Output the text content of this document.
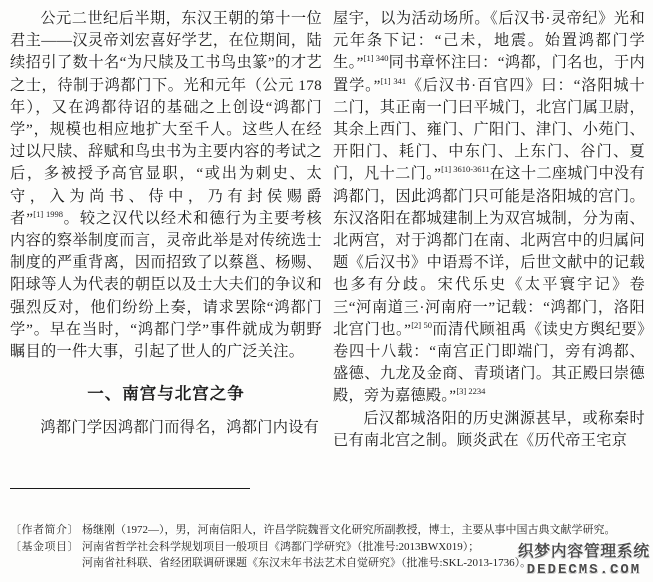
公元二世纪后半期，东汉王朝的第十一位君主——汉灵帝刘宏喜好学艺，在位期间，陆续招引了数十名“为尺牍及工书鸟虫篆”的才艺之士，待制于鸿都门下。光和元年（公元 178 年），又在鸿都待诏的基础之上创设“鸿都门学”，规模也相应地扩大至千人。这些人在经过以尺牍、辞赋和鸟虫书为主要内容的考试之后，多被授予高官显职，“或出为刺史、太守，入为尚书、侍中，乃有封侯赐爵者”$^{[1] 1998}$。较之汉代以经术和德行为主要考核内容的察举制度而言，灵帝此举是对传统选士制度的严重背离，因而招致了以蔡邕、杨赐、阳球等人为代表的朝臣以及士大夫们的争议和强烈反对，他们纷纷上奏，请求罢除“鸿都门学”。早在当时，“鸿都门学”事件就成为朝野瞩目的一件大事，引起了世人的广泛关注。

一、南宫与北宫之争

鸿都门学因鸿都门而得名，鸿都门内设有

屋宇，以为活动场所。《后汉书·灵帝纪》光和元年条下记：“己未，地震。始置鸿都门学生。”$^{[1] 340}$同书章怀注曰：“鸿都，门名也，于内置学。”$^{[1] 341}$《后汉书·百官四》曰：“洛阳城十二门，其正南一门曰平城门，北宫门属卫尉，其余上西门、雍门、广阳门、津门、小苑门、开阳门、耗门、中东门、上东门、谷门、夏门，凡十二门。”$^{[1] 3610-3611}$在这十二座城门中没有鸿都门，因此鸿都门只可能是洛阳城的宫门。东汉洛阳在都城建制上为双宫城制，分为南、北两宫，对于鸿都门在南、北两宫中的归属问题《后汉书》中语焉不详，后世文献中的记载也多有分歧。宋代乐史《太平寰宇记》卷三“河南道三·河南府一”记载：“鸿都门，洛阳北宫门也。”$^{[2] 50}$而清代顾祖禹《读史方舆纪要》卷四十八载：“南宫正门即端门，旁有鸿都、盛德、九龙及金商、青琐诸门。其正殿曰崇德殿，旁为嘉德殿。”$^{[3] 2234}$

后汉都城洛阳的历史渊源甚早，或称秦时已有南北宫之制。顾炎武在《历代帝王宅京

〔作者简介〕 杨继刚（1972—），男，河南信阳人，许昌学院魏晋文化研究所副教授，博士，主要从事中国古典文献学研究。
〔基金项目〕 河南省哲学社会科学规划项目一般项目《鸿都门学研究》（批准号:2013BWX019）；
河南省社科联、省经团联调研课题《东汉末年书法艺术自觉研究》（批准号:SKL-2013-1736）。
织梦内容管理系统
DEDECMS.COM
